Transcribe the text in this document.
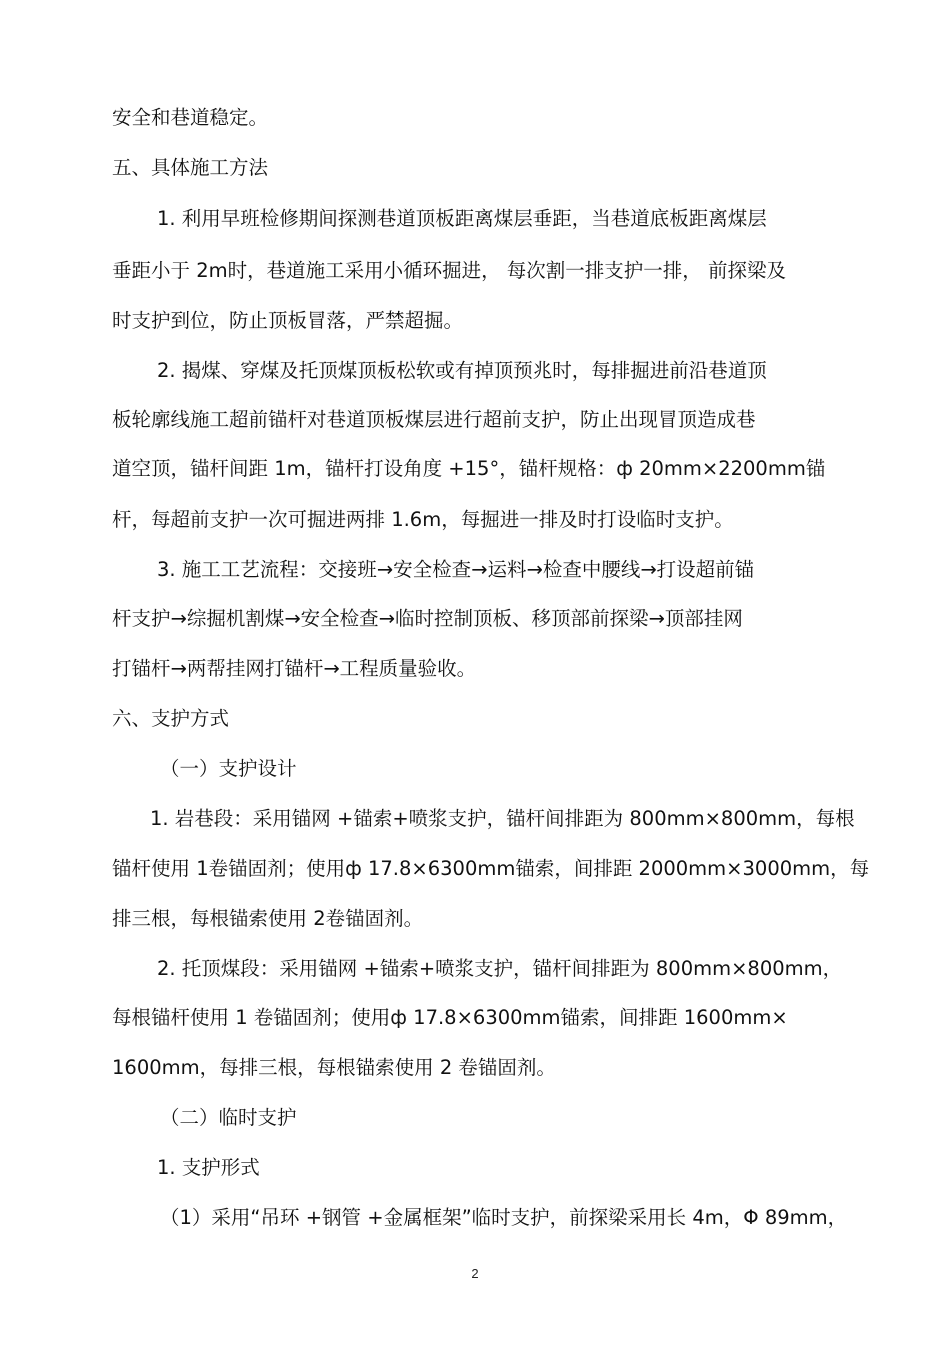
安全和巷道稳定。
五、具体施工方法
1. 利用早班检修期间探测巷道顶板距离煤层垂距，当巷道底板距离煤层
垂距小于 2m时，巷道施工采用小循环掘进， 每次割一排支护一排， 前探梁及
时支护到位，防止顶板冒落，严禁超掘。
2. 揭煤、穿煤及托顶煤顶板松软或有掉顶预兆时，每排掘进前沿巷道顶
板轮廓线施工超前锚杆对巷道顶板煤层进行超前支护，防止出现冒顶造成巷
道空顶，锚杆间距 1m，锚杆打设角度 +15°，锚杆规格：ф 20mm×2200mm锚
杆，每超前支护一次可掘进两排 1.6m，每掘进一排及时打设临时支护。
3. 施工工艺流程：交接班→安全检查→运料→检查中腰线→打设超前锚
杆支护→综掘机割煤→安全检查→临时控制顶板、移顶部前探梁→顶部挂网
打锚杆→两帮挂网打锚杆→工程质量验收。
六、支护方式
（一）支护设计
1. 岩巷段：采用锚网 +锚索+喷浆支护，锚杆间排距为 800mm×800mm，每根
锚杆使用 1卷锚固剂；使用ф 17.8×6300mm锚索，间排距 2000mm×3000mm，每
排三根，每根锚索使用 2卷锚固剂。
2. 托顶煤段：采用锚网 +锚索+喷浆支护，锚杆间排距为 800mm×800mm，
每根锚杆使用 1 卷锚固剂；使用ф 17.8×6300mm锚索，间排距 1600mm×
1600mm，每排三根，每根锚索使用 2 卷锚固剂。
（二）临时支护
1. 支护形式
（1）采用“吊环 +钢管 +金属框架”临时支护，前探梁采用长 4m，Φ 89mm，
2
